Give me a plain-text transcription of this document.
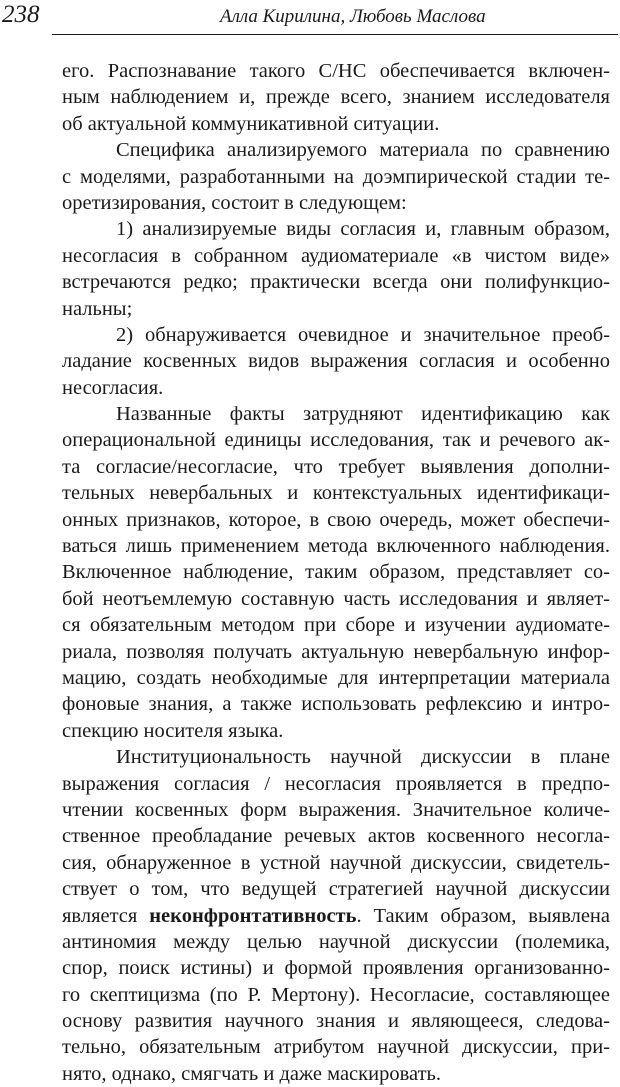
238	Алла Кирилина, Любовь Маслова
его. Распознавание такого С/НС обеспечивается включен-
ным наблюдением и, прежде всего, знанием исследователя
об актуальной коммуникативной ситуации.
Специфика анализируемого материала по сравнению
с моделями, разработанными на доэмпирической стадии те-
оретизирования, состоит в следующем:
1) анализируемые виды согласия и, главным образом,
несогласия в собранном аудиоматериале «в чистом виде»
встречаются редко; практически всегда они полифункцио-
нальны;
2) обнаруживается очевидное и значительное преоб-
ладание косвенных видов выражения согласия и особенно
несогласия.
Названные факты затрудняют идентификацию как
операциональной единицы исследования, так и речевого ак-
та согласие/несогласие, что требует выявления дополни-
тельных невербальных и контекстуальных идентификаци-
онных признаков, которое, в свою очередь, может обеспечи-
ваться лишь применением метода включенного наблюдения.
Включенное наблюдение, таким образом, представляет со-
бой неотъемлемую составную часть исследования и являет-
ся обязательным методом при сборе и изучении аудиомате-
риала, позволяя получать актуальную невербальную инфор-
мацию, создать необходимые для интерпретации материала
фоновые знания, а также использовать рефлексию и интро-
спекцию носителя языка.
Институциональность научной дискуссии в плане
выражения согласия / несогласия проявляется в предпо-
чтении косвенных форм выражения. Значительное количе-
ственное преобладание речевых актов косвенного несогла-
сия, обнаруженное в устной научной дискуссии, свидетель-
ствует о том, что ведущей стратегией научной дискуссии
является неконфронтативность. Таким образом, выявлена
антиномия между целью научной дискуссии (полемика,
спор, поиск истины) и формой проявления организованно-
го скептицизма (по Р. Мертону). Несогласие, составляющее
основу развития научного знания и являющееся, следова-
тельно, обязательным атрибутом научной дискуссии, при-
нято, однако, смягчать и даже маскировать.
